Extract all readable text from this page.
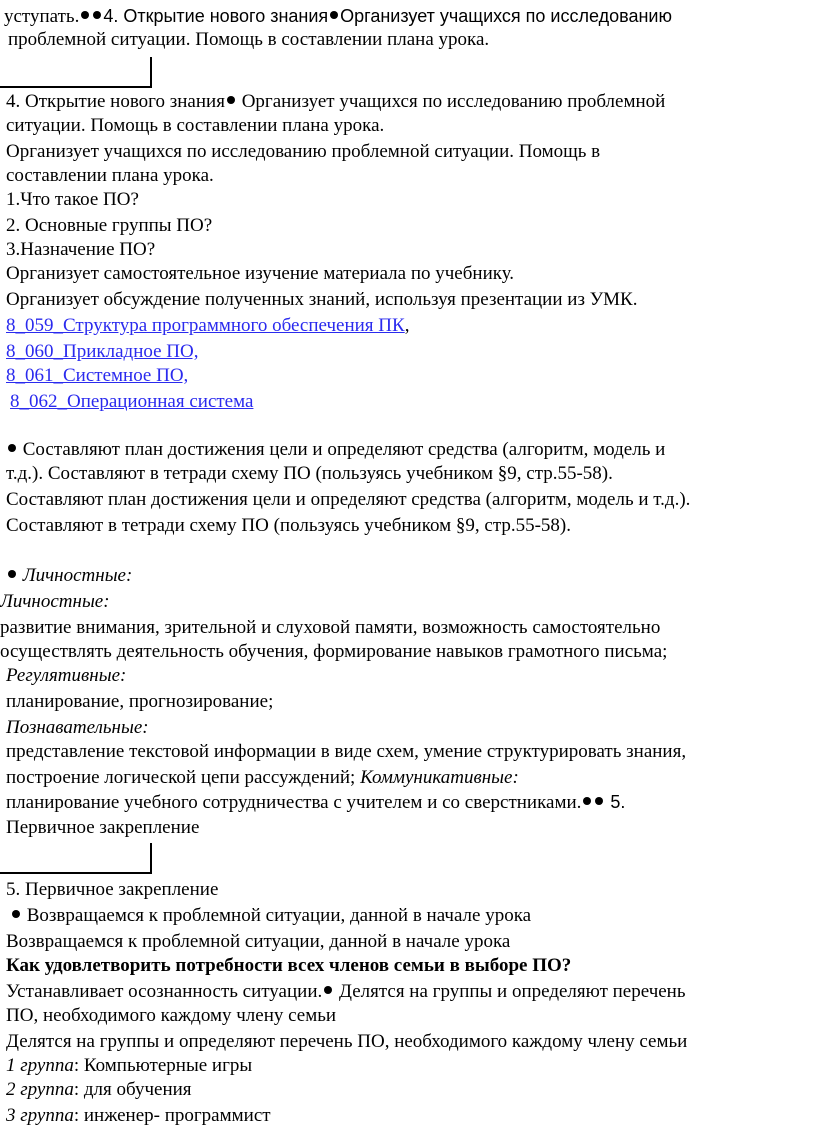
уступать. 4. Открытие нового знания Организует учащихся по исследованию
проблемной ситуации. Помощь в составлении плана урока.
4. Открытие нового знания Организует учащихся по исследованию проблемной
ситуации. Помощь в составлении плана урока.
Организует учащихся по исследованию проблемной ситуации. Помощь в
составлении плана урока.
1.Что такое ПО?
2. Основные группы ПО?
3.Назначение ПО?
Организует самостоятельное изучение материала по учебнику.
Организует обсуждение полученных знаний, используя презентации из УМК.
8_059_Структура программного обеспечения ПК,
8_060_Прикладное ПО,
8_061_Системное ПО,
8_062_Операционная система
Составляют план достижения цели и определяют средства (алгоритм, модель и
т.д.). Составляют в тетради схему ПО (пользуясь учебником §9, стр.55-58).
Составляют план достижения цели и определяют средства (алгоритм, модель и т.д.).
Составляют в тетради схему ПО (пользуясь учебником §9, стр.55-58).
Личностные:
Личностные:
развитие внимания, зрительной и слуховой памяти, возможность самостоятельно
осуществлять деятельность обучения, формирование навыков грамотного письма;
Регулятивные:
планирование, прогнозирование;
Познавательные:
представление текстовой информации в виде схем, умение структурировать знания,
построение логической цепи рассуждений; Коммуникативные:
планирование учебного сотрудничества с учителем и со сверстниками. 5.
Первичное закрепление
5. Первичное закрепление
Возвращаемся к проблемной ситуации, данной в начале урока
Возвращаемся к проблемной ситуации, данной в начале урока
Как удовлетворить потребности всех членов семьи в выборе ПО?
Устанавливает осознанность ситуации. Делятся на группы и определяют перечень
ПО, необходимого каждому члену семьи
Делятся на группы и определяют перечень ПО, необходимого каждому члену семьи
1 группа: Компьютерные игры
2 группа: для обучения
3 группа: инженер- программист
